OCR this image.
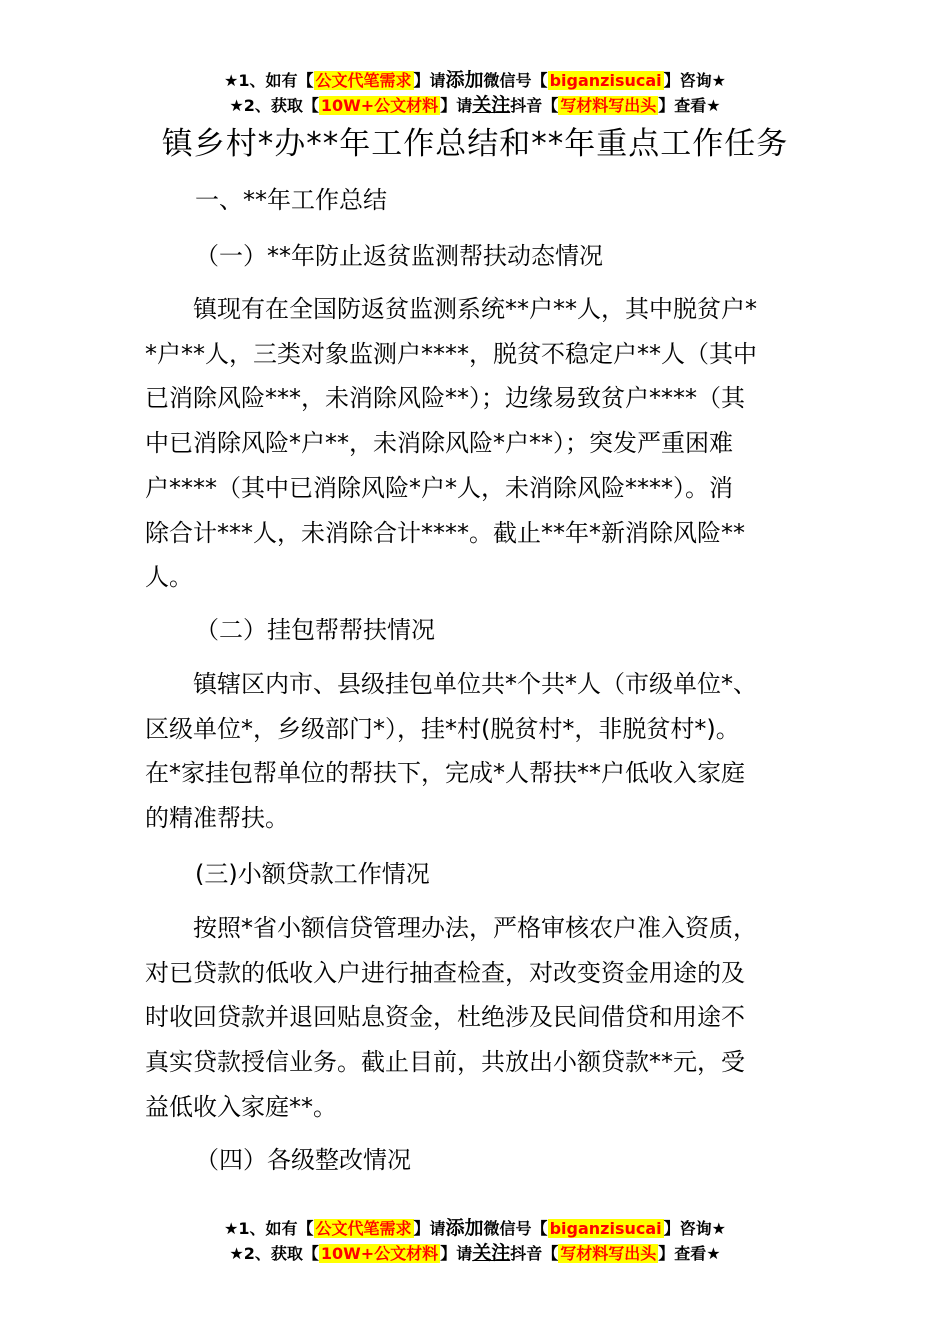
★1、如有【 公文代笔需求 】请添加微信号【 biganzisucai 】咨询★
★2、获取【 10W+公文材料 】请关注抖音【 写材料写出头 】查看★
镇乡村*办**年工作总结和**年重点工作任务
一、**年工作总结
（一）**年防止返贫监测帮扶动态情况
镇现有在全国防返贫监测系统**户**人，其中脱贫户*
*户**人，三类对象监测户****，脱贫不稳定户**人（其中
已消除风险***，未消除风险**）；边缘易致贫户****（其
中已消除风险*户**，未消除风险*户**）；突发严重困难
户****（其中已消除风险*户*人，未消除风险****）。消
除合计***人，未消除合计****。截止**年*新消除风险**
人。
（二）挂包帮帮扶情况
镇辖区内市、县级挂包单位共*个共*人（市级单位*、
区级单位*，乡级部门*），挂*村(脱贫村*，非脱贫村*)。
在*家挂包帮单位的帮扶下，完成*人帮扶**户低收入家庭
的精准帮扶。
(三)小额贷款工作情况
按照*省小额信贷管理办法，严格审核农户准入资质，
对已贷款的低收入户进行抽查检查，对改变资金用途的及
时收回贷款并退回贴息资金，杜绝涉及民间借贷和用途不
真实贷款授信业务。截止目前，共放出小额贷款**元，受
益低收入家庭**。
（四）各级整改情况
★1、如有【 公文代笔需求 】请添加微信号【 biganzisucai 】咨询★
★2、获取【 10W+公文材料 】请关注抖音【 写材料写出头 】查看★
